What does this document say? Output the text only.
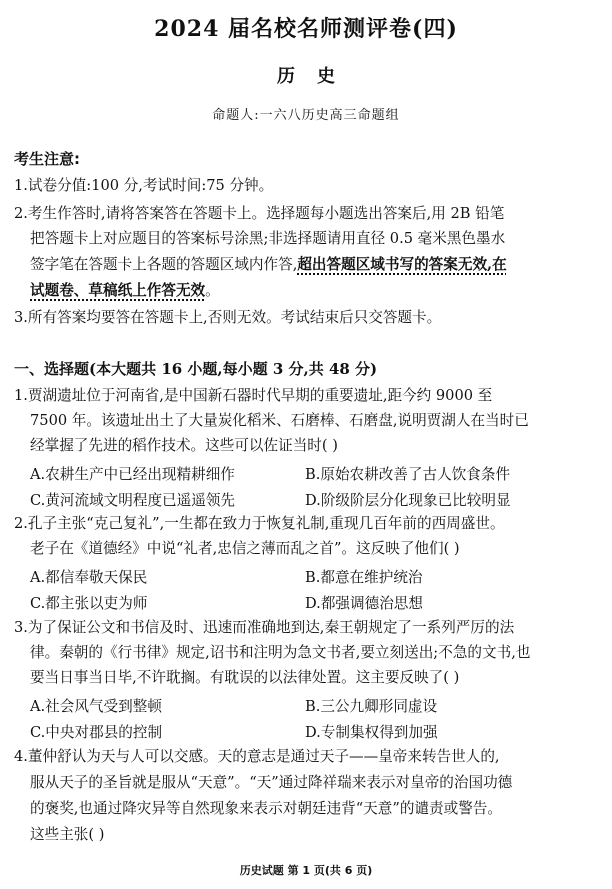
2024 届名校名师测评卷(四)
历史
命题人:一六八历史高三命题组
考生注意:
1.试卷分值:100 分,考试时间:75 分钟。
2.考生作答时,请将答案答在答题卡上。选择题每小题选出答案后,用 2B 铅笔
把答题卡上对应题目的答案标号涂黑;非选择题请用直径 0.5 毫米黑色墨水
签字笔在答题卡上各题的答题区域内作答,超出答题区域书写的答案无效,在
试题卷、草稿纸上作答无效。
3.所有答案均要答在答题卡上,否则无效。考试结束后只交答题卡。
一、选择题(本大题共 16 小题,每小题 3 分,共 48 分)
1.贾湖遗址位于河南省,是中国新石器时代早期的重要遗址,距今约 9000 至
7500 年。该遗址出土了大量炭化稻米、石磨棒、石磨盘,说明贾湖人在当时已
经掌握了先进的稻作技术。这些可以佐证当时( )
A.农耕生产中已经出现精耕细作	B.原始农耕改善了古人饮食条件
C.黄河流域文明程度已遥遥领先	D.阶级阶层分化现象已比较明显
2.孔子主张“克己复礼”,一生都在致力于恢复礼制,重现几百年前的西周盛世。
老子在《道德经》中说“礼者,忠信之薄而乱之首”。这反映了他们( )
A.都信奉敬天保民	B.都意在维护统治
C.都主张以吏为师	D.都强调德治思想
3.为了保证公文和书信及时、迅速而准确地到达,秦王朝规定了一系列严厉的法
律。秦朝的《行书律》规定,诏书和注明为急文书者,要立刻送出;不急的文书,也
要当日事当日毕,不许耽搁。有耽误的以法律处置。这主要反映了( )
A.社会风气受到整顿	B.三公九卿形同虚设
C.中央对郡县的控制	D.专制集权得到加强
4.董仲舒认为天与人可以交感。天的意志是通过天子——皇帝来转告世人的,
服从天子的圣旨就是服从“天意”。“天”通过降祥瑞来表示对皇帝的治国功德
的褒奖,也通过降灾异等自然现象来表示对朝廷违背“天意”的谴责或警告。
这些主张( )
历史试题 第 1 页(共 6 页)
